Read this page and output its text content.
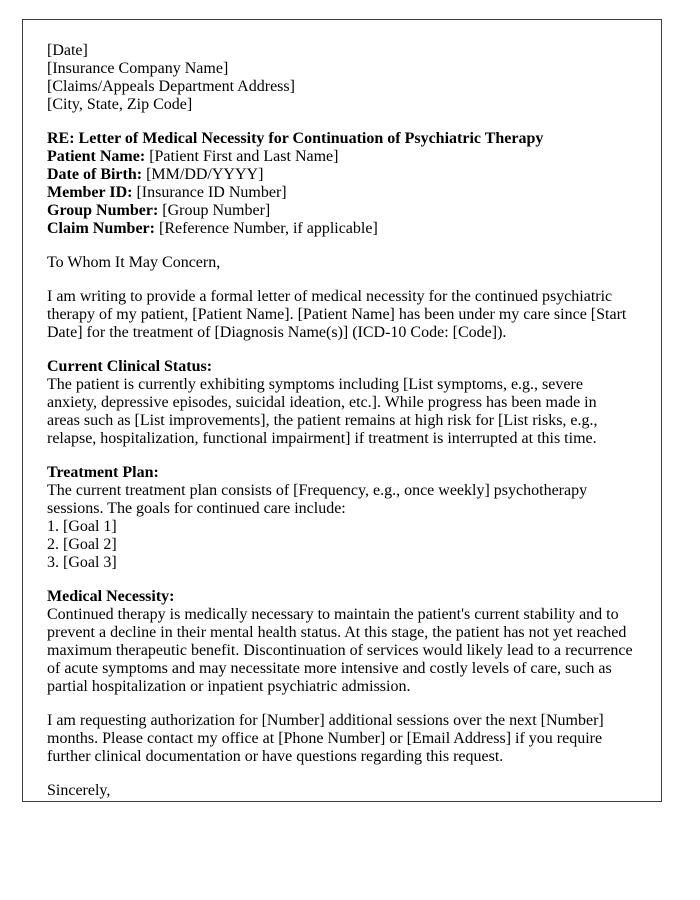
[Date]
[Insurance Company Name]
[Claims/Appeals Department Address]
[City, State, Zip Code]
RE: Letter of Medical Necessity for Continuation of Psychiatric Therapy
Patient Name: [Patient First and Last Name]
Date of Birth: [MM/DD/YYYY]
Member ID: [Insurance ID Number]
Group Number: [Group Number]
Claim Number: [Reference Number, if applicable]
To Whom It May Concern,
I am writing to provide a formal letter of medical necessity for the continued psychiatric therapy of my patient, [Patient Name]. [Patient Name] has been under my care since [Start Date] for the treatment of [Diagnosis Name(s)] (ICD-10 Code: [Code]).
Current Clinical Status:
The patient is currently exhibiting symptoms including [List symptoms, e.g., severe anxiety, depressive episodes, suicidal ideation, etc.]. While progress has been made in areas such as [List improvements], the patient remains at high risk for [List risks, e.g., relapse, hospitalization, functional impairment] if treatment is interrupted at this time.
Treatment Plan:
The current treatment plan consists of [Frequency, e.g., once weekly] psychotherapy sessions. The goals for continued care include:
1. [Goal 1]
2. [Goal 2]
3. [Goal 3]
Medical Necessity:
Continued therapy is medically necessary to maintain the patient's current stability and to prevent a decline in their mental health status. At this stage, the patient has not yet reached maximum therapeutic benefit. Discontinuation of services would likely lead to a recurrence of acute symptoms and may necessitate more intensive and costly levels of care, such as partial hospitalization or inpatient psychiatric admission.
I am requesting authorization for [Number] additional sessions over the next [Number] months. Please contact my office at [Phone Number] or [Email Address] if you require further clinical documentation or have questions regarding this request.
Sincerely,
